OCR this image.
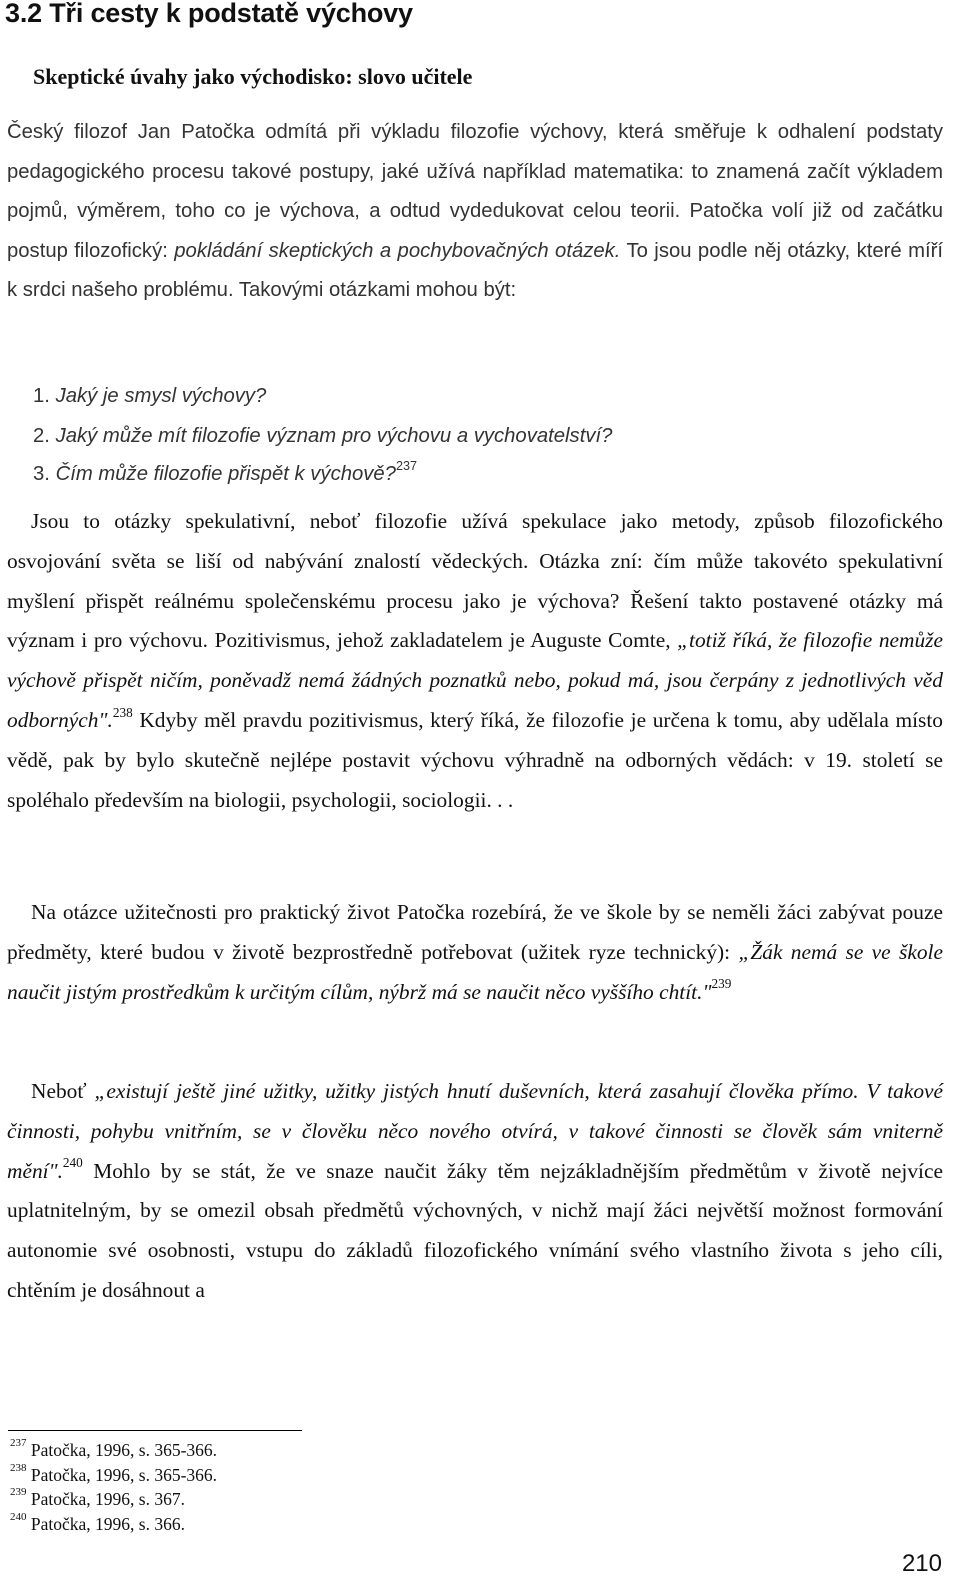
3.2 Tři cesty k podstatě výchovy
Skeptické úvahy jako východisko: slovo učitele

Český filozof Jan Patočka odmítá při výkladu filozofie výchovy, která směřuje k odhalení podstaty pedagogického procesu takové postupy, jaké užívá například matematika: to znamená začít výkladem pojmů, výměrem, toho co je výchova, a odtud vydedukovat celou teorii. Patočka volí již od začátku postup filozofický: pokládání skeptických a pochybovačných otázek. To jsou podle něj otázky, které míří k srdci našeho problému. Takovými otázkami mohou být:

1. Jaký je smysl výchovy?
2. Jaký může mít filozofie význam pro výchovu a vychovatelství?
3. Čím může filozofie přispět k výchově?$^{237}$

Jsou to otázky spekulativní, neboť filozofie užívá spekulace jako metody, způsob filozofického osvojování světa se liší od nabývání znalostí vědeckých. Otázka zní: čím může takovéto spekulativní myšlení přispět reálnému společenskému procesu jako je výchova? Řešení takto postavené otázky má význam i pro výchovu. Pozitivismus, jehož zakladatelem je Auguste Comte, „totiž říká, že filozofie nemůže výchově přispět ničím, poněvadž nemá žádných poznatků nebo, pokud má, jsou čerpány z jednotlivých věd odborných".$^{238}$ Kdyby měl pravdu pozitivismus, který říká, že filozofie je určena k tomu, aby udělala místo vědě, pak by bylo skutečně nejlépe postavit výchovu výhradně na odborných vědách: v 19. století se spoléhalo především na biologii, psychologii, sociologii. . .

Na otázce užitečnosti pro praktický život Patočka rozebírá, že ve škole by se neměli žáci zabývat pouze předměty, které budou v životě bezprostředně potřebovat (užitek ryze technický): „Žák nemá se ve škole naučit jistým prostředkům k určitým cílům, nýbrž má se naučit něco vyššího chtít."$^{239}$

Neboť „existují ještě jiné užitky, užitky jistých hnutí duševních, která zasahují člověka přímo. V takové činnosti, pohybu vnitřním, se v člověku něco nového otvírá, v takové činnosti se člověk sám vniterně mění".$^{240}$ Mohlo by se stát, že ve snaze naučit žáky těm nejzákladnějším předmětům v životě nejvíce uplatnitelným, by se omezil obsah předmětů výchovných, v nichž mají žáci největší možnost formování autonomie své osobnosti, vstupu do základů filozofického vnímání svého vlastního života s jeho cíli, chtěním je dosáhnout a

$^{237}$ Patočka, 1996, s. 365-366.
$^{238}$ Patočka, 1996, s. 365-366.
$^{239}$ Patočka, 1996, s. 367.
$^{240}$ Patočka, 1996, s. 366.
210
